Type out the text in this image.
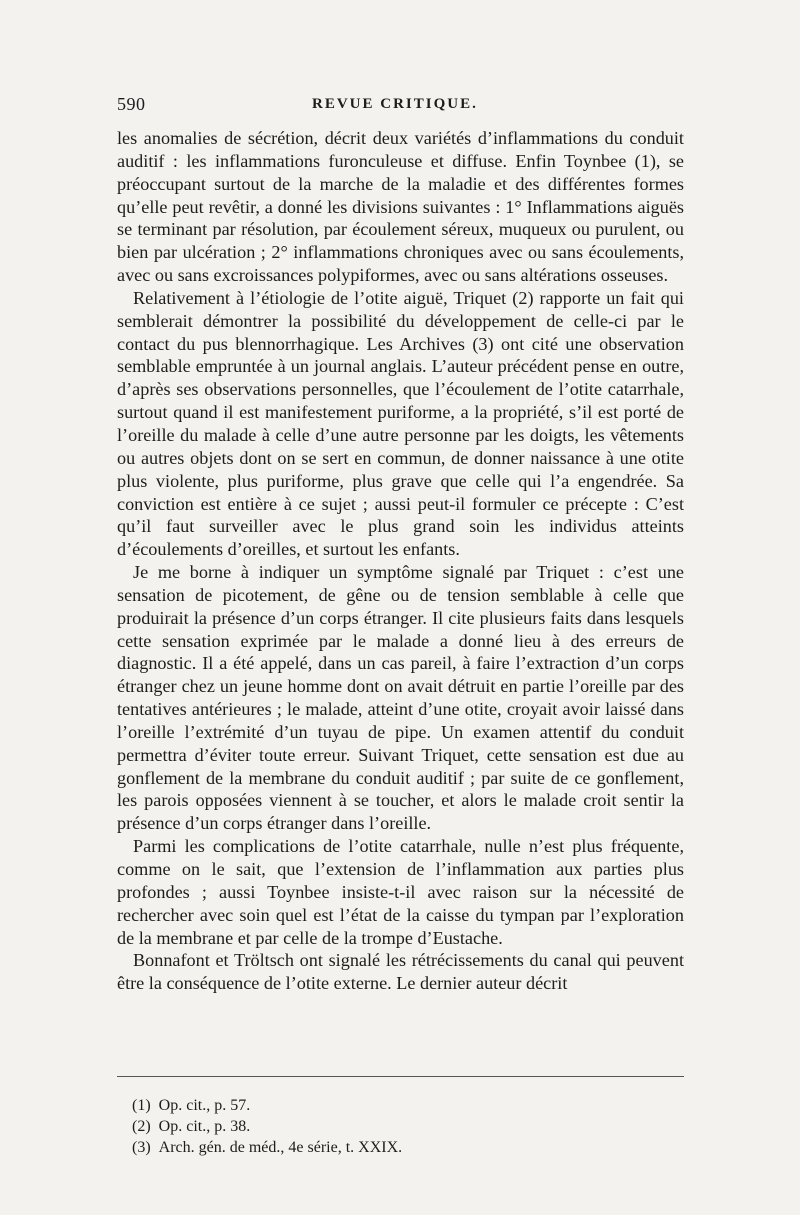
590	REVUE CRITIQUE.

les anomalies de sécrétion, décrit deux variétés d’inflammations du conduit auditif : les inflammations furonculeuse et diffuse. Enfin Toynbee (1), se préoccupant surtout de la marche de la maladie et des différentes formes qu’elle peut revêtir, a donné les divisions suivantes : 1° Inflammations aiguës se terminant par résolution, par écoulement séreux, muqueux ou purulent, ou bien par ulcération ; 2° inflammations chroniques avec ou sans écoulements, avec ou sans excroissances polypiformes, avec ou sans altérations osseuses.

Relativement à l’étiologie de l’otite aiguë, Triquet (2) rapporte un fait qui semblerait démontrer la possibilité du développement de celle-ci par le contact du pus blennorrhagique. Les Archives (3) ont cité une observation semblable empruntée à un journal anglais. L’auteur précédent pense en outre, d’après ses observations personnelles, que l’écoulement de l’otite catarrhale, surtout quand il est manifestement puriforme, a la propriété, s’il est porté de l’oreille du malade à celle d’une autre personne par les doigts, les vêtements ou autres objets dont on se sert en commun, de donner naissance à une otite plus violente, plus puriforme, plus grave que celle qui l’a engendrée. Sa conviction est entière à ce sujet ; aussi peut-il formuler ce précepte : C’est qu’il faut surveiller avec le plus grand soin les individus atteints d’écoulements d’oreilles, et surtout les enfants.

Je me borne à indiquer un symptôme signalé par Triquet : c’est une sensation de picotement, de gêne ou de tension semblable à celle que produirait la présence d’un corps étranger. Il cite plusieurs faits dans lesquels cette sensation exprimée par le malade a donné lieu à des erreurs de diagnostic. Il a été appelé, dans un cas pareil, à faire l’extraction d’un corps étranger chez un jeune homme dont on avait détruit en partie l’oreille par des tentatives antérieures ; le malade, atteint d’une otite, croyait avoir laissé dans l’oreille l’extrémité d’un tuyau de pipe. Un examen attentif du conduit permettra d’éviter toute erreur. Suivant Triquet, cette sensation est due au gonflement de la membrane du conduit auditif ; par suite de ce gonflement, les parois opposées viennent à se toucher, et alors le malade croit sentir la présence d’un corps étranger dans l’oreille.

Parmi les complications de l’otite catarrhale, nulle n’est plus fréquente, comme on le sait, que l’extension de l’inflammation aux parties plus profondes ; aussi Toynbee insiste-t-il avec raison sur la nécessité de rechercher avec soin quel est l’état de la caisse du tympan par l’exploration de la membrane et par celle de la trompe d’Eustache.

Bonnafont et Tröltsch ont signalé les rétrécissements du canal qui peuvent être la conséquence de l’otite externe. Le dernier auteur décrit

(1) Op. cit., p. 57.
(2) Op. cit., p. 38.
(3) Arch. gén. de méd., 4e série, t. XXIX.
